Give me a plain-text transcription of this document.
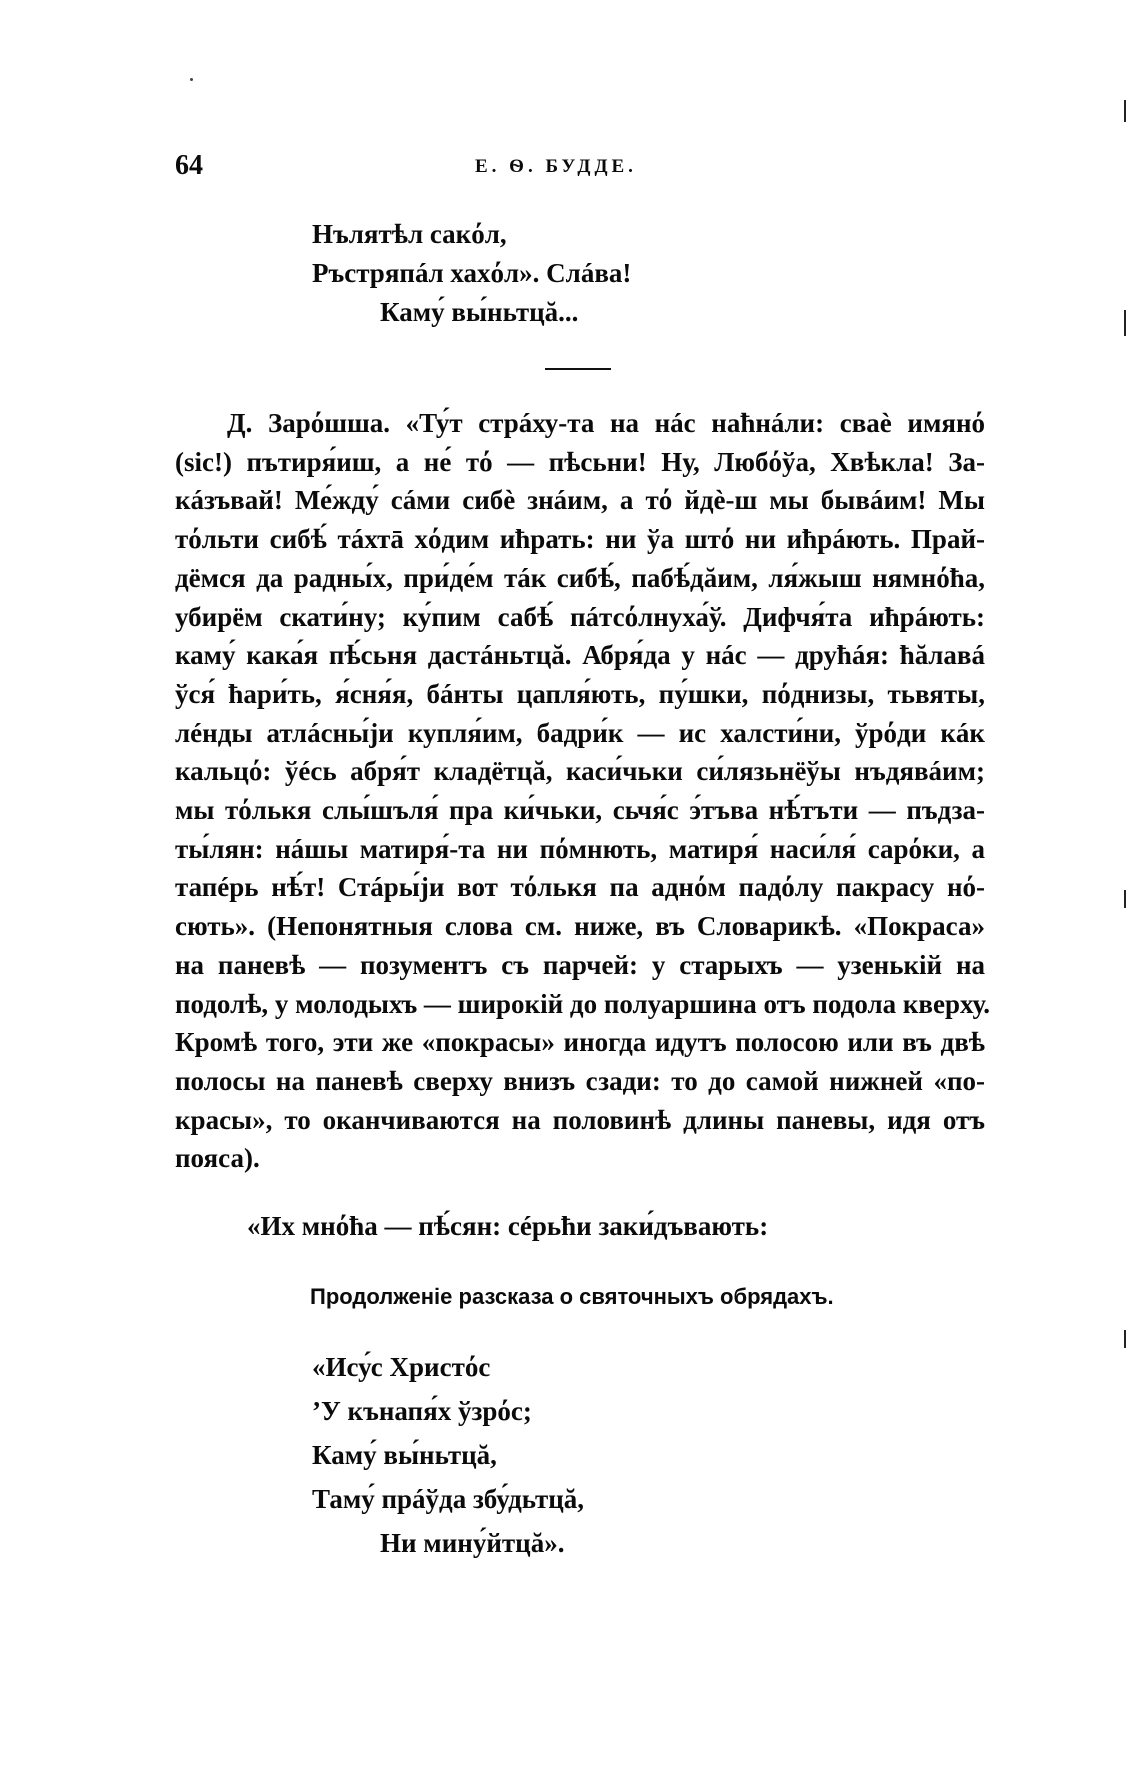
64	Е. Ѳ. БУДДЕ.
Нълятѣл сакόл,
Ръстряпáл хахόл». Слáва!
Каму́ вы́ньтцă...
Д. Зарόшша. «Ту́т стрáху-та на нáс наћнáли: сваѐ имянό
(sic!) пътиря́иш, а не́ тό — пѣсьни! Ну, Любόўа, Хвѣкла! За-
кáзъвай! Ме́жду́ сáми сибѐ знáим, а тό йдѐ-ш мы бывáим! Мы
тόльти сибѣ́ тáхтā хόдим иħрать: ни ўа штό ни иħрáють. Прай-
дёмся да радны́х, при́де́м тáк сибѣ́, пабѣ́дăим, ля́жыш нямнόħа,
убирём скати́ну; ку́пим сабѣ́ пáтсόлнуха́ў. Дифчя́та иħрáють:
каму́ кака́я пѣ́сьня дастáньтцă. Абря́да у нáс — друħáя: ħăлавá
ўся́ ħари́ть, я́сня́я, бáнты цапля́ють, пу́шки, пόднизы, тьвяты,
лéнды атлáсны́ји купля́им, бадри́к — ис халсти́ни, ўрόди кáк
кальцό: ўéсь абря́т кладётцă, каси́чьки си́лязьнёўы нъдявáим;
мы тόлькя слы́шъля́ пра ки́чьки, сьчя́с э́тъва нѣ́тъти — пъдза-
ты́лян: нáшы матиря́-та ни пόмнють, матиря́ наси́ля́ сарόки, а
тапéрь нѣ́т! Стáры́ји вот тόлькя па аднόм падόлу пакрасу нό-
сють». (Непонятныя слова см. ниже, въ Словарикѣ. «Покраса»
на паневѣ — позументъ съ парчей: у старыхъ — узенькій на
подолѣ, у молодыхъ — широкій до полуаршина отъ подола кверху.
Кромѣ того, эти же «покрасы» иногда идутъ полосою или въ двѣ
полосы на паневѣ сверху внизъ сзади: то до самой нижней «по-
красы», то оканчиваются на половинѣ длины паневы, идя отъ
пояса).
«Их мнόħа — пѣ́сян: сéрьħи заки́дъвають:
Продолженіе разсказа о святочныхъ обрядахъ.
«Ису́с Христόс
’У кънапя́х ўзрόс;
Каму́ вы́ньтцă,
Таму́ прáўда збу́дьтцă,
Ни мину́йтцă».
